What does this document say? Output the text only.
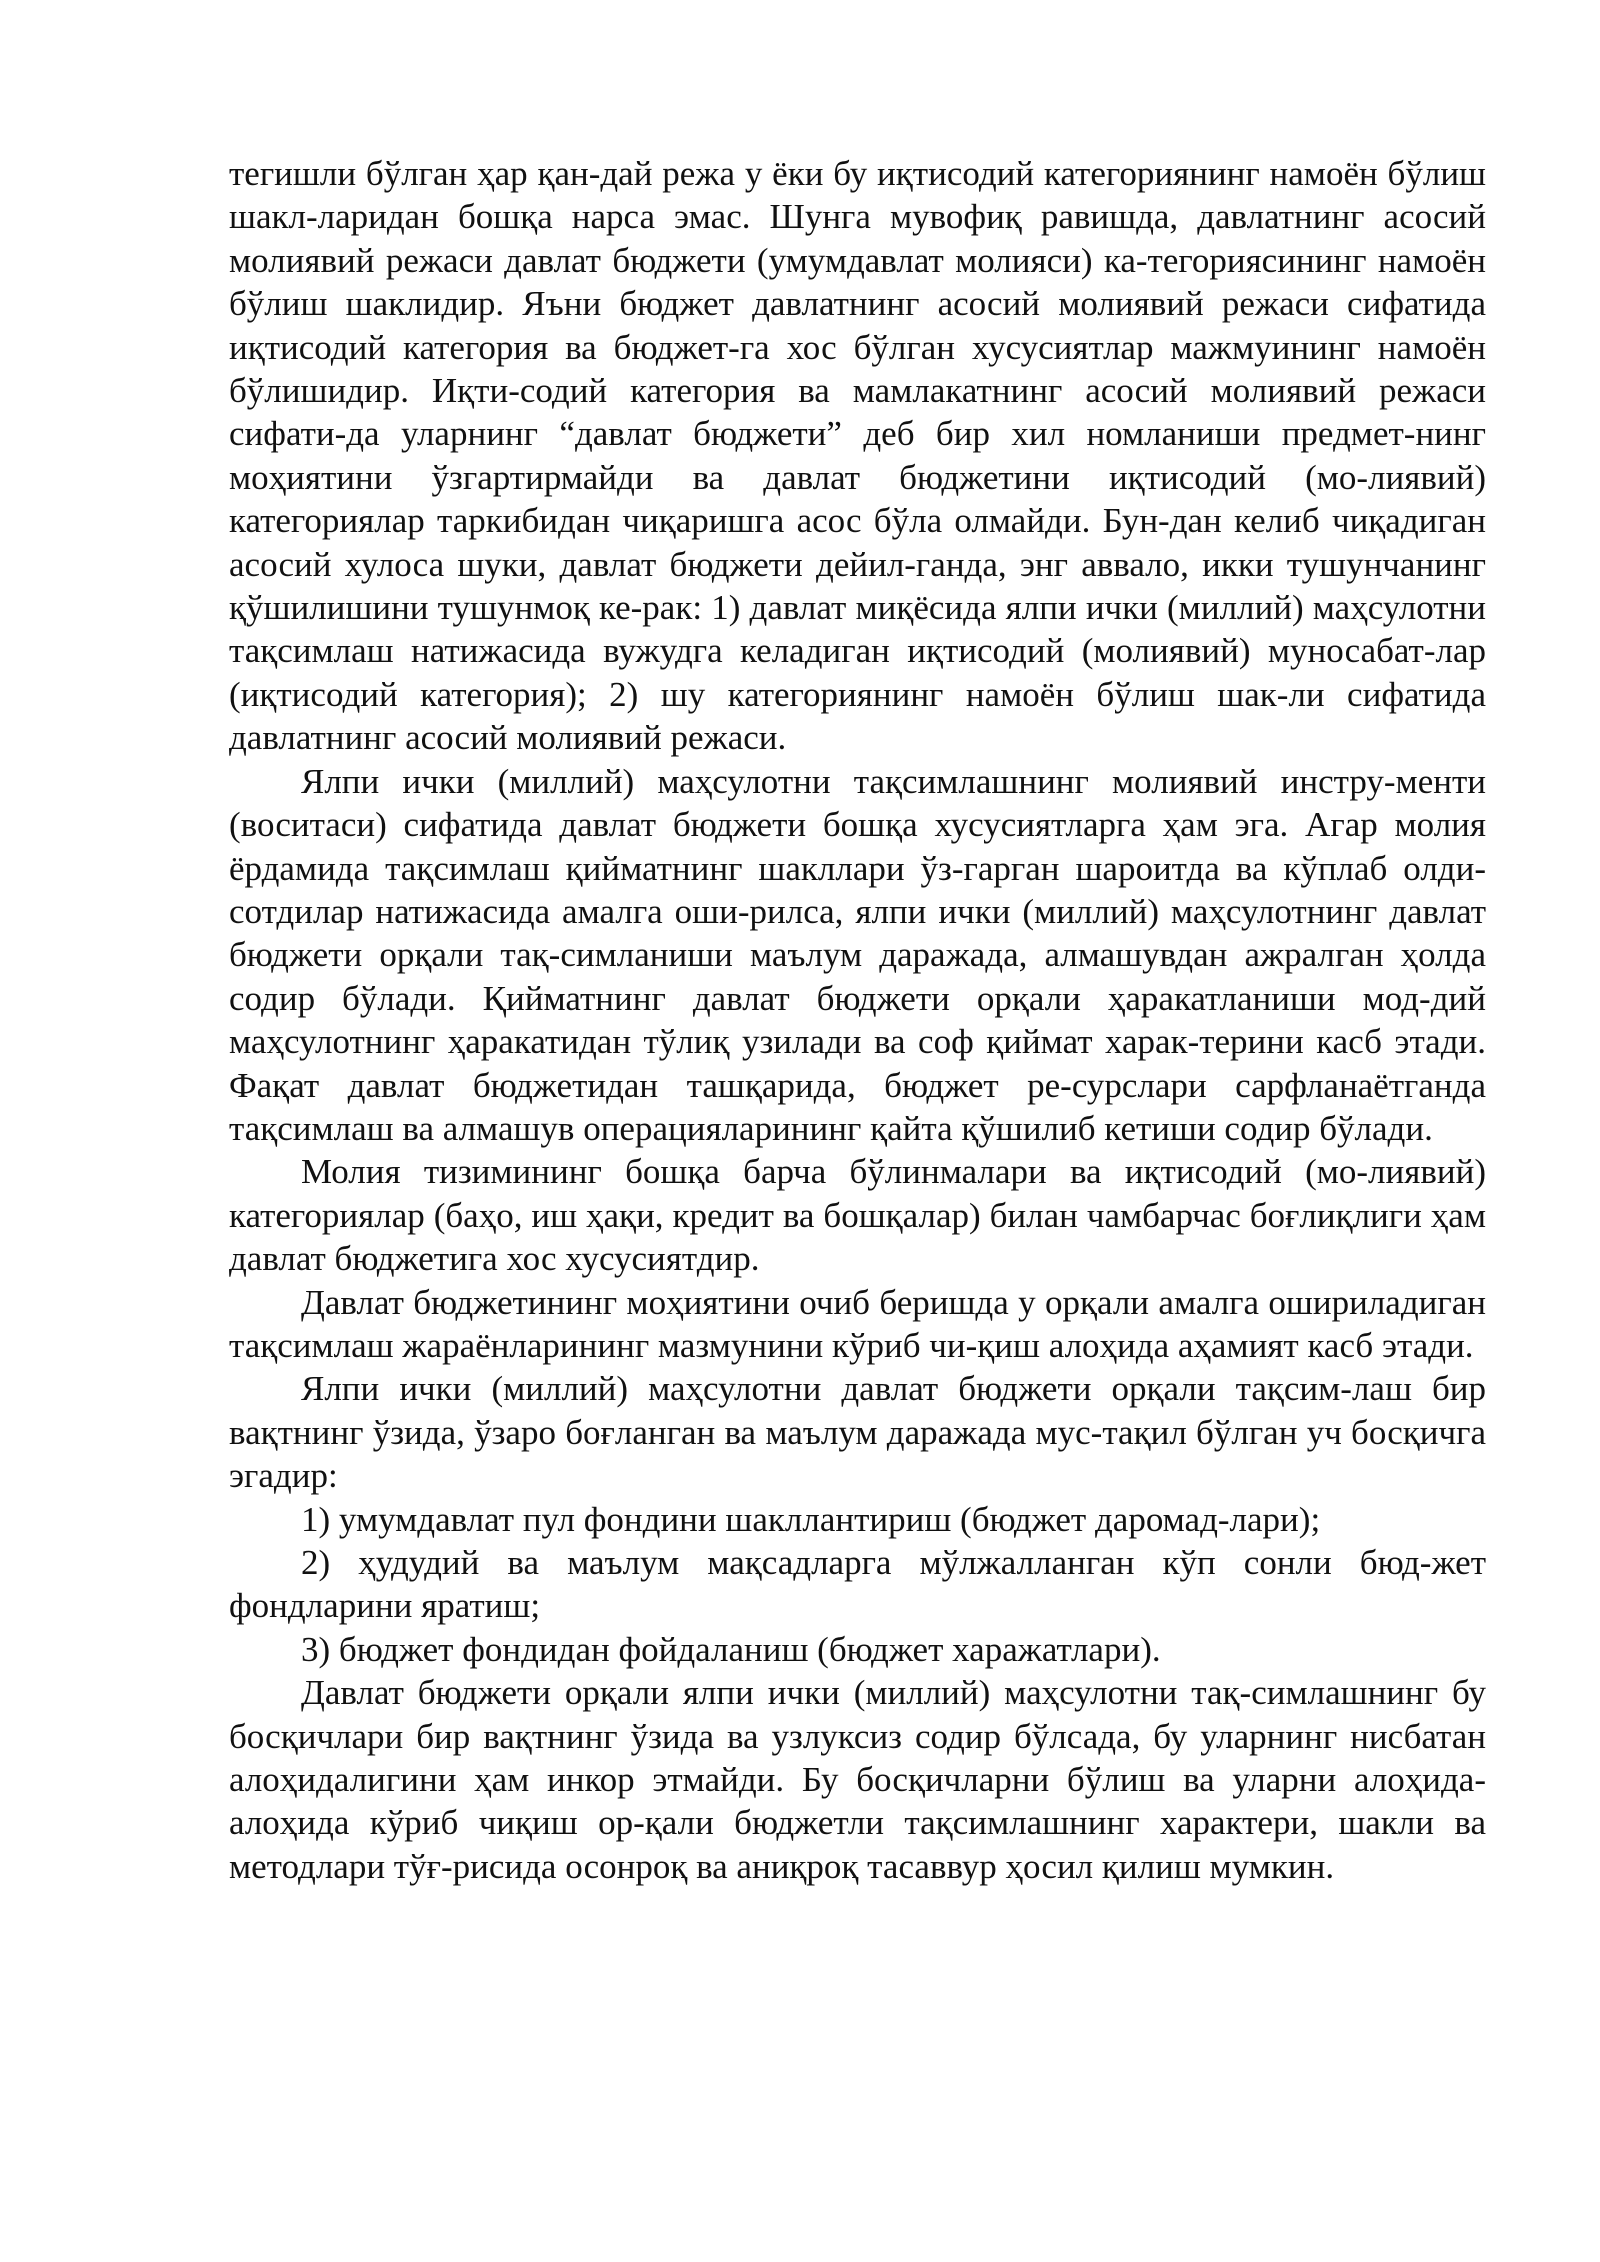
тегишли бўлган ҳар қан-дай режа у ёки бу иқтисодий категориянинг намоён бўлиш шакл-ларидан бошқа нарса эмас. Шунга мувофиқ равишда, давлатнинг асосий молиявий режаси давлат бюджети (умумдавлат молияси) ка-тегориясининг намоён бўлиш шаклидир. Яъни бюджет давлатнинг асосий молиявий режаси сифатида иқтисодий категория ва бюджет-га хос бўлган хусусиятлар мажмуининг намоён бўлишидир. Иқти-содий категория ва мамлакатнинг асосий молиявий режаси сифати-да уларнинг “давлат бюджети” деб бир хил номланиши предмет-нинг моҳиятини ўзгартирмайди ва давлат бюджетини иқтисодий (мо-лиявий) категориялар таркибидан чиқаришга асос бўла олмайди. Бун-дан келиб чиқадиган асосий хулоса шуки, давлат бюджети дейил-ганда, энг аввало, икки тушунчанинг қўшилишини тушунмоқ ке-рак: 1) давлат миқёсида ялпи ички (миллий) маҳсулотни тақсимлаш натижасида вужудга келадиган иқтисодий (молиявий) муносабат-лар (иқтисодий категория); 2) шу категориянинг намоён бўлиш шак-ли сифатида давлатнинг асосий молиявий режаси.

Ялпи ички (миллий) маҳсулотни тақсимлашнинг молиявий инстру-менти (воситаси) сифатида давлат бюджети бошқа хусусиятларга ҳам эга. Агар молия ёрдамида тақсимлаш қийматнинг шакллари ўз-гарган шароитда ва кўплаб олди-сотдилар натижасида амалга оши-рилса, ялпи ички (миллий) маҳсулотнинг давлат бюджети орқали тақ-симланиши маълум даражада, алмашувдан ажралган ҳолда содир бўлади. Қийматнинг давлат бюджети орқали ҳаракатланиши мод-дий маҳсулотнинг ҳаракатидан тўлиқ узилади ва соф қиймат харак-терини касб этади. Фақат давлат бюджетидан ташқарида, бюджет ре-сурслари сарфланаётганда тақсимлаш ва алмашув операцияларининг қайта қўшилиб кетиши содир бўлади.

Молия тизимининг бошқа барча бўлинмалари ва иқтисодий (мо-лиявий) категориялар (баҳо, иш ҳақи, кредит ва бошқалар) билан чамбарчас боғлиқлиги ҳам давлат бюджетига хос хусусиятдир.

Давлат бюджетининг моҳиятини очиб беришда у орқали амалга ошириладиган тақсимлаш жараёнларининг мазмунини кўриб чи-қиш алоҳида аҳамият касб этади.

Ялпи ички (миллий) маҳсулотни давлат бюджети орқали тақсим-лаш бир вақтнинг ўзида, ўзаро боғланган ва маълум даражада мус-тақил бўлган уч босқичга эгадир:

1) умумдавлат пул фондини шакллантириш (бюджет даромад-лари);

2) ҳудудий ва маълум мақсадларга мўлжалланган кўп сонли бюд-жет фондларини яратиш;

3) бюджет фондидан фойдаланиш (бюджет харажатлари).

Давлат бюджети орқали ялпи ички (миллий) маҳсулотни тақ-симлашнинг бу босқичлари бир вақтнинг ўзида ва узлуксиз содир бўлсада, бу уларнинг нисбатан алоҳидалигини ҳам инкор этмайди. Бу босқичларни бўлиш ва уларни алоҳида-алоҳида кўриб чиқиш ор-қали бюджетли тақсимлашнинг характери, шакли ва методлари тўғ-рисида осонроқ ва аниқроқ тасаввур ҳосил қилиш мумкин.
